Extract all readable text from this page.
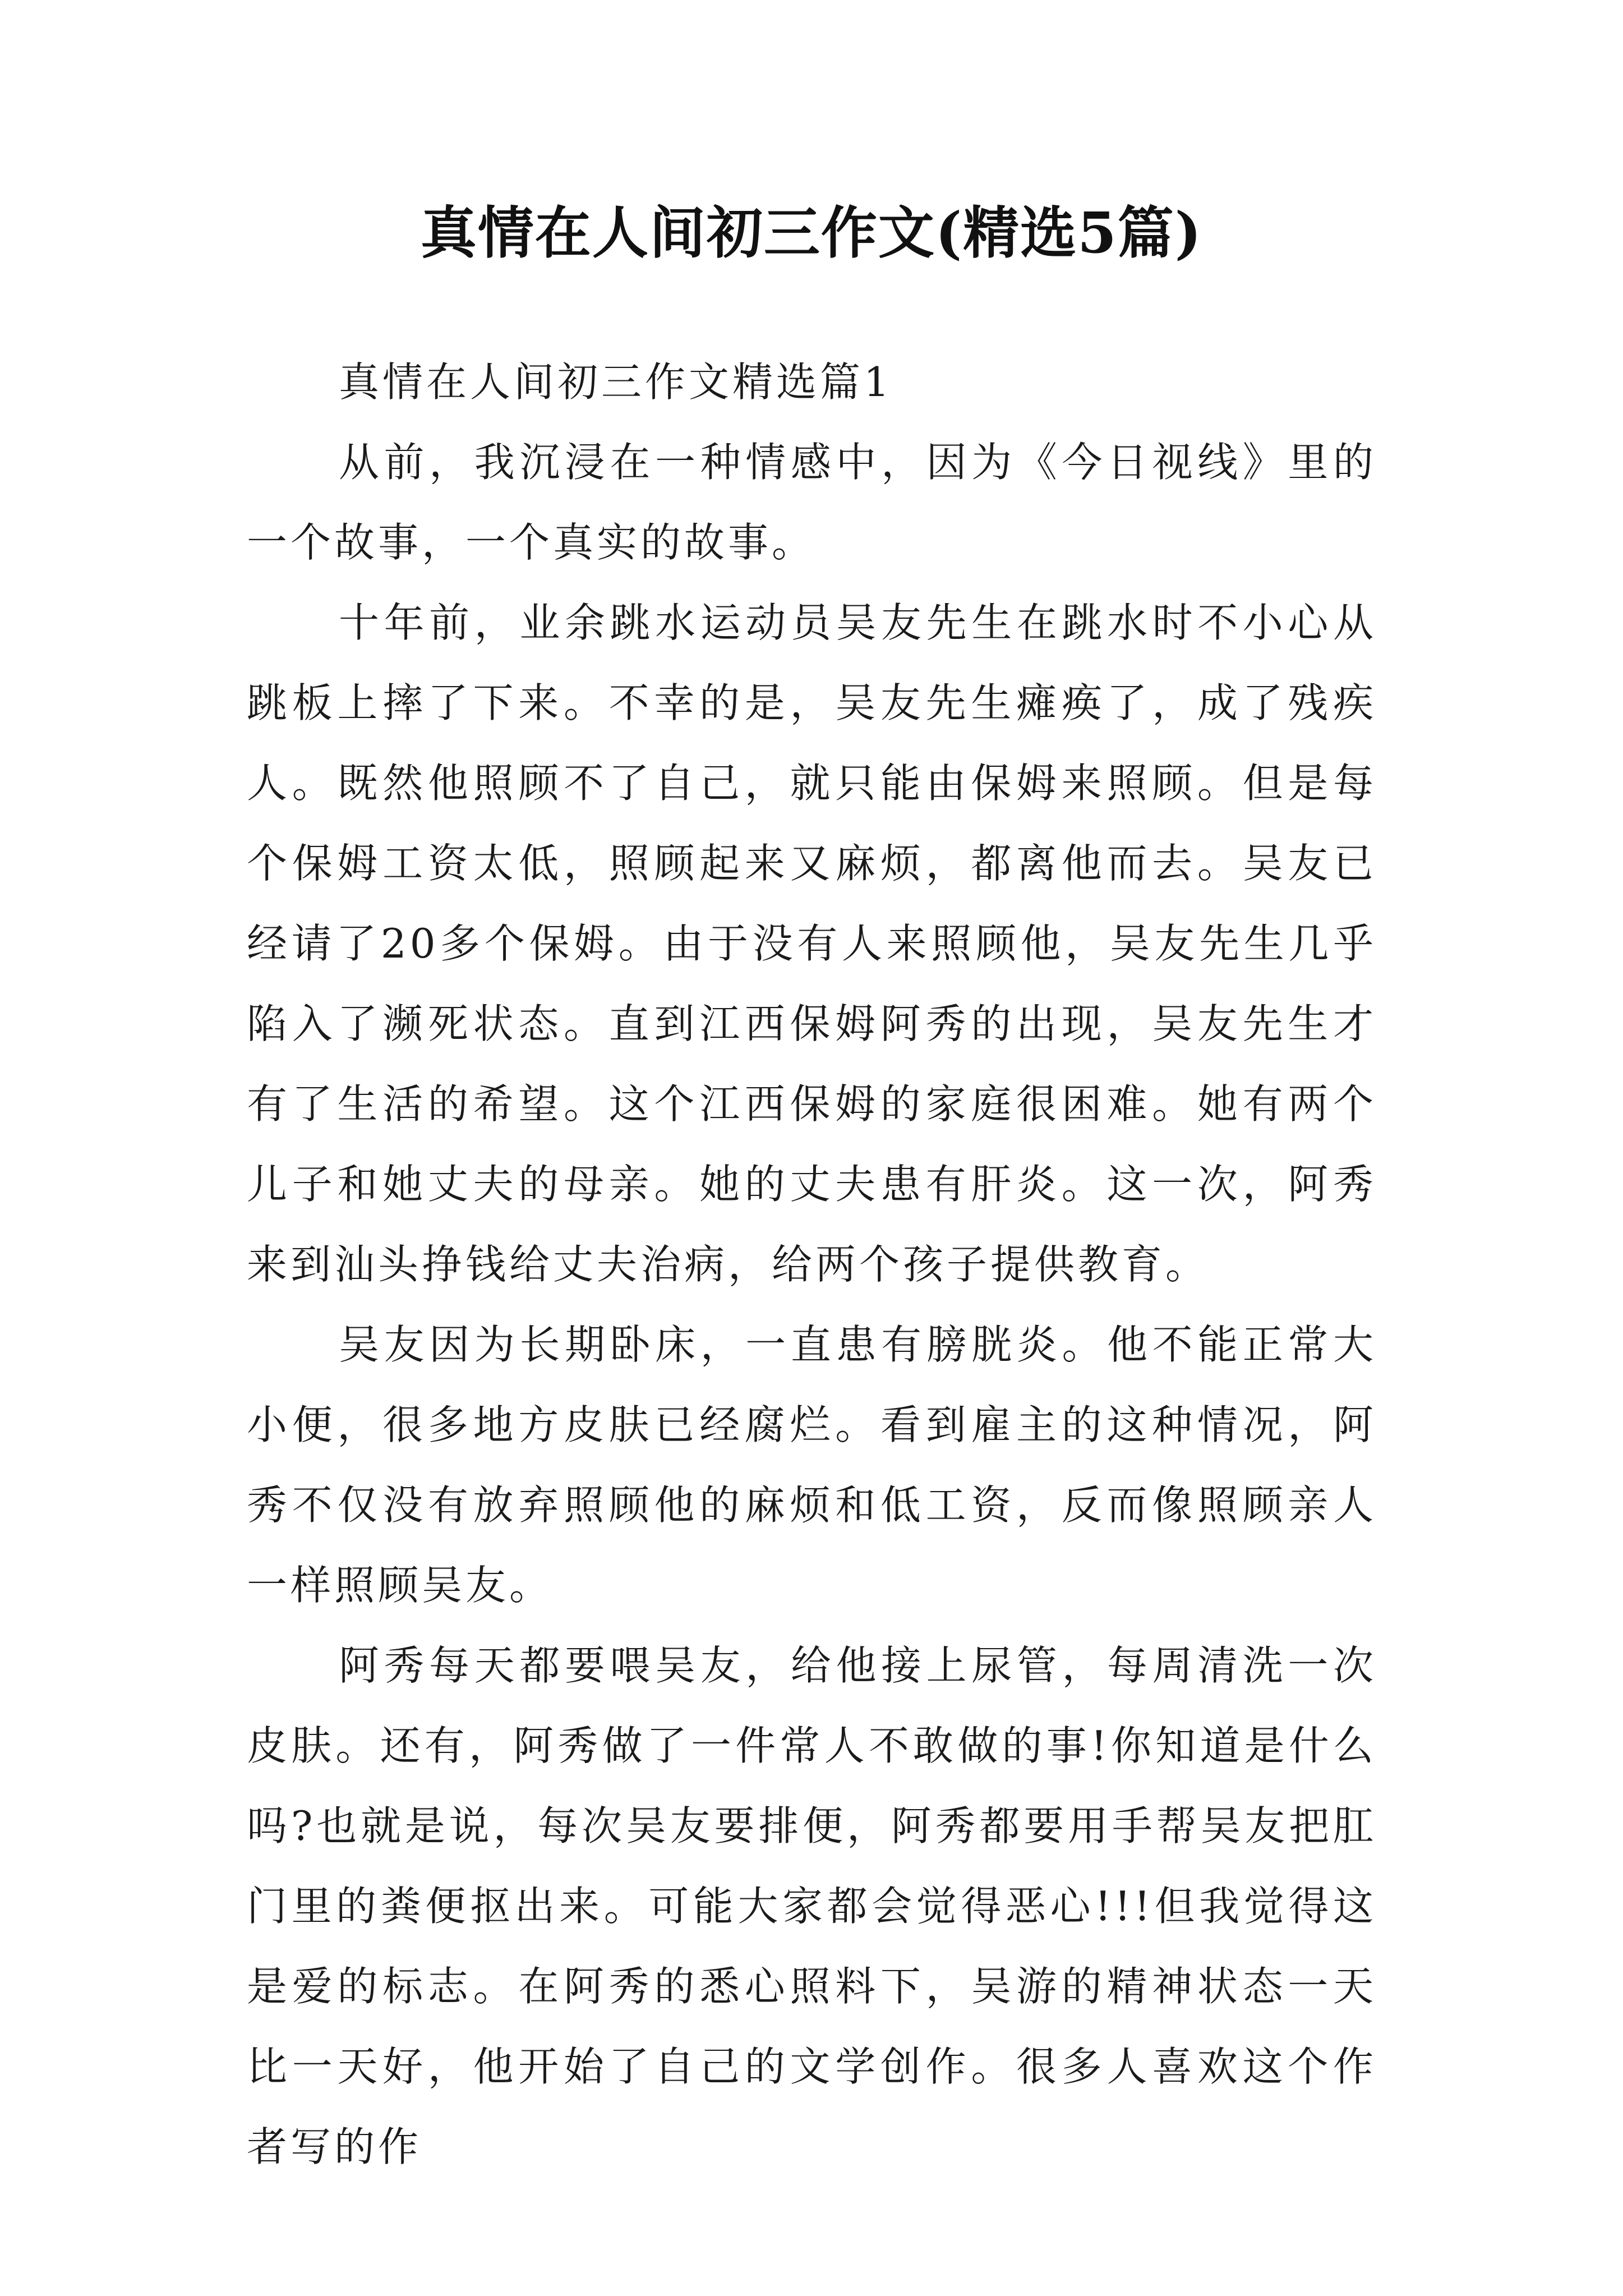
真情在人间初三作文(精选5篇)

真情在人间初三作文精选篇1

从前，我沉浸在一种情感中，因为《今日视线》里的一个故事，一个真实的故事。

十年前，业余跳水运动员吴友先生在跳水时不小心从跳板上摔了下来。不幸的是，吴友先生瘫痪了，成了残疾人。既然他照顾不了自己，就只能由保姆来照顾。但是每个保姆工资太低，照顾起来又麻烦，都离他而去。吴友已经请了20多个保姆。由于没有人来照顾他，吴友先生几乎陷入了濒死状态。直到江西保姆阿秀的出现，吴友先生才有了生活的希望。这个江西保姆的家庭很困难。她有两个儿子和她丈夫的母亲。她的丈夫患有肝炎。这一次，阿秀来到汕头挣钱给丈夫治病，给两个孩子提供教育。

吴友因为长期卧床，一直患有膀胱炎。他不能正常大小便，很多地方皮肤已经腐烂。看到雇主的这种情况，阿秀不仅没有放弃照顾他的麻烦和低工资，反而像照顾亲人一样照顾吴友。

阿秀每天都要喂吴友，给他接上尿管，每周清洗一次皮肤。还有，阿秀做了一件常人不敢做的事!你知道是什么吗?也就是说，每次吴友要排便，阿秀都要用手帮吴友把肛门里的粪便抠出来。可能大家都会觉得恶心!!!但我觉得这是爱的标志。在阿秀的悉心照料下，吴游的精神状态一天比一天好，他开始了自己的文学创作。很多人喜欢这个作者写的作
